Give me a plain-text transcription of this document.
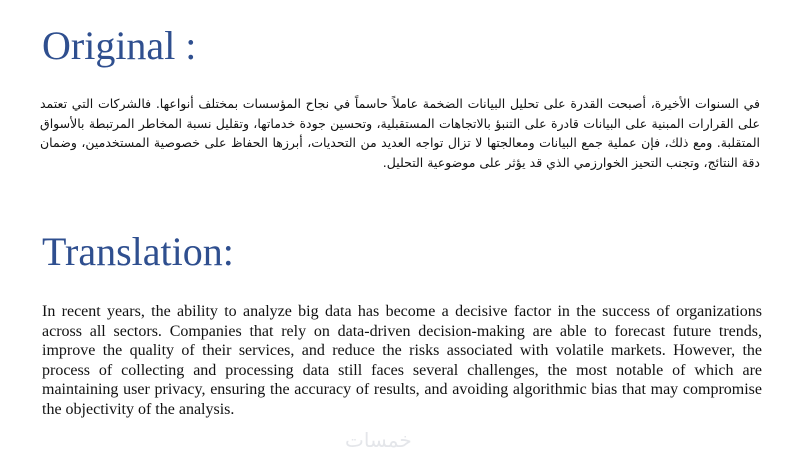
Original :

في السنوات الأخيرة، أصبحت القدرة على تحليل البيانات الضخمة عاملاً حاسماً في نجاح المؤسسات بمختلف أنواعها. فالشركات التي تعتمد على القرارات المبنية على البيانات قادرة على التنبؤ بالاتجاهات المستقبلية، وتحسين جودة خدماتها، وتقليل نسبة المخاطر المرتبطة بالأسواق المتقلبة. ومع ذلك، فإن عملية جمع البيانات ومعالجتها لا تزال تواجه العديد من التحديات، أبرزها الحفاظ على خصوصية المستخدمين، وضمان دقة النتائج، وتجنب التحيز الخوارزمي الذي قد يؤثر على موضوعية التحليل.

Translation:

In recent years, the ability to analyze big data has become a decisive factor in the success of organizations across all sectors. Companies that rely on data-driven decision-making are able to forecast future trends, improve the quality of their services, and reduce the risks associated with volatile markets. However, the process of collecting and processing data still faces several challenges, the most notable of which are maintaining user privacy, ensuring the accuracy of results, and avoiding algorithmic bias that may compromise the objectivity of the analysis.

خمسات
